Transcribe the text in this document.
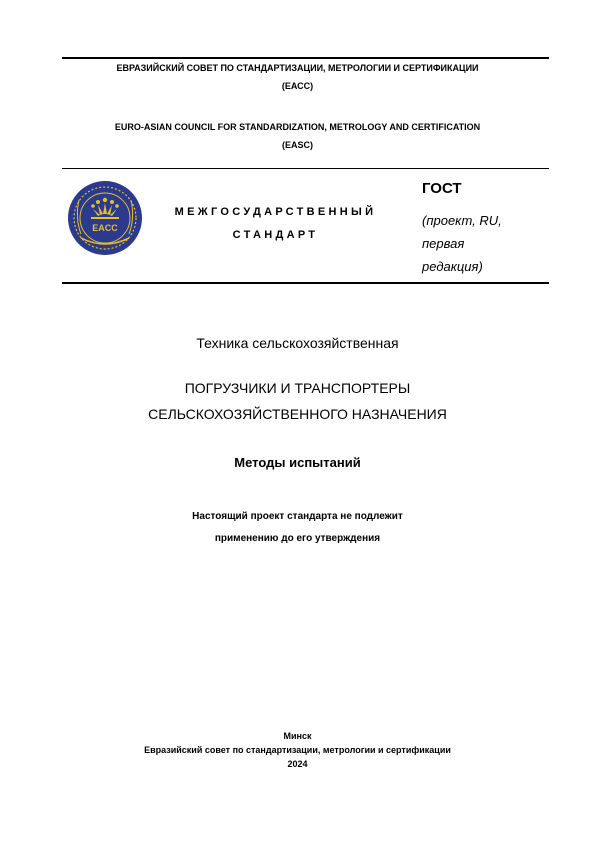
ЕВРАЗИЙСКИЙ СОВЕТ ПО СТАНДАРТИЗАЦИИ, МЕТРОЛОГИИ И СЕРТИФИКАЦИИ
(ЕАСС)
EURO-ASIAN COUNCIL FOR STANDARDIZATION, METROLOGY AND CERTIFICATION
(EASC)
EACC
МЕЖГОСУДАРСТВЕННЫЙ
СТАНДАРТ
ГОСТ
(проект, RU,
первая
редакция)
Техника сельскохозяйственная
ПОГРУЗЧИКИ И ТРАНСПОРТЕРЫ
СЕЛЬСКОХОЗЯЙСТВЕННОГО НАЗНАЧЕНИЯ
Методы испытаний
Настоящий проект стандарта не подлежит
применению до его утверждения
Минск
Евразийский совет по стандартизации, метрологии и сертификации
2024
